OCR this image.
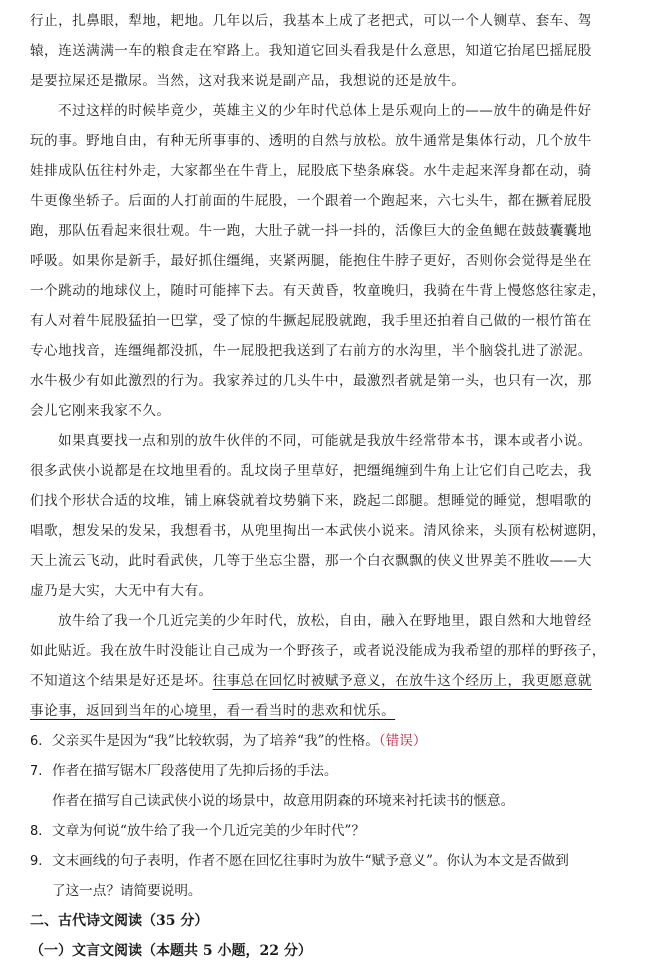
行止，扎鼻眼，犁地，耙地。几年以后，我基本上成了老把式，可以一个人铡草、套车、驾
辕，连送满满一车的粮食走在窄路上。我知道它回头看我是什么意思，知道它抬尾巴摇屁股
是要拉屎还是撒尿。当然，这对我来说是副产品，我想说的还是放牛。
不过这样的时候毕竟少，英雄主义的少年时代总体上是乐观向上的——放牛的确是件好
玩的事。野地自由，有种无所事事的、透明的自然与放松。放牛通常是集体行动，几个放牛
娃排成队伍往村外走，大家都坐在牛背上，屁股底下垫条麻袋。水牛走起来浑身都在动，骑
牛更像坐轿子。后面的人打前面的牛屁股，一个跟着一个跑起来，六七头牛，都在撅着屁股
跑，那队伍看起来很壮观。牛一跑，大肚子就一抖一抖的，活像巨大的金鱼鳃在鼓鼓囊囊地
呼吸。如果你是新手，最好抓住缰绳，夹紧两腿，能抱住牛脖子更好，否则你会觉得是坐在
一个跳动的地球仪上，随时可能摔下去。有天黄昏，牧童晚归，我骑在牛背上慢悠悠往家走，
有人对着牛屁股猛拍一巴掌，受了惊的牛撅起屁股就跑，我手里还拍着自己做的一根竹笛在
专心地找音，连缰绳都没抓，牛一屁股把我送到了右前方的水沟里，半个脑袋扎进了淤泥。
水牛极少有如此激烈的行为。我家养过的几头牛中，最激烈者就是第一头，也只有一次，那
会儿它刚来我家不久。
如果真要找一点和别的放牛伙伴的不同，可能就是我放牛经常带本书，课本或者小说。
很多武侠小说都是在坟地里看的。乱坟岗子里草好，把缰绳缠到牛角上让它们自己吃去，我
们找个形状合适的坟堆，铺上麻袋就着坟势躺下来，跷起二郎腿。想睡觉的睡觉，想唱歌的
唱歌，想发呆的发呆，我想看书，从兜里掏出一本武侠小说来。清风徐来，头顶有松树遮阴，
天上流云飞动，此时看武侠，几等于坐忘尘嚣，那一个白衣飘飘的侠义世界美不胜收——大
虚乃是大实，大无中有大有。
放牛给了我一个几近完美的少年时代，放松，自由，融入在野地里，跟自然和大地曾经
如此贴近。我在放牛时没能让自己成为一个野孩子，或者说没能成为我希望的那样的野孩子，
不知道这个结果是好还是坏。往事总在回忆时被赋予意义，在放牛这个经历上，我更愿意就
事论事，返回到当年的心境里，看一看当时的悲欢和忧乐。
6. 父亲买牛是因为“我”比较软弱，为了培养“我”的性格。（错误）
7. 作者在描写锯木厂段落使用了先抑后扬的手法。
作者在描写自己读武侠小说的场景中，故意用阴森的环境来衬托读书的惬意。
8. 文章为何说“放牛给了我一个几近完美的少年时代”？
9. 文末画线的句子表明，作者不愿在回忆往事时为放牛“赋予意义”。你认为本文是否做到
了这一点？请简要说明。
二、古代诗文阅读（35 分）
（一）文言文阅读（本题共 5 小题，22 分）
